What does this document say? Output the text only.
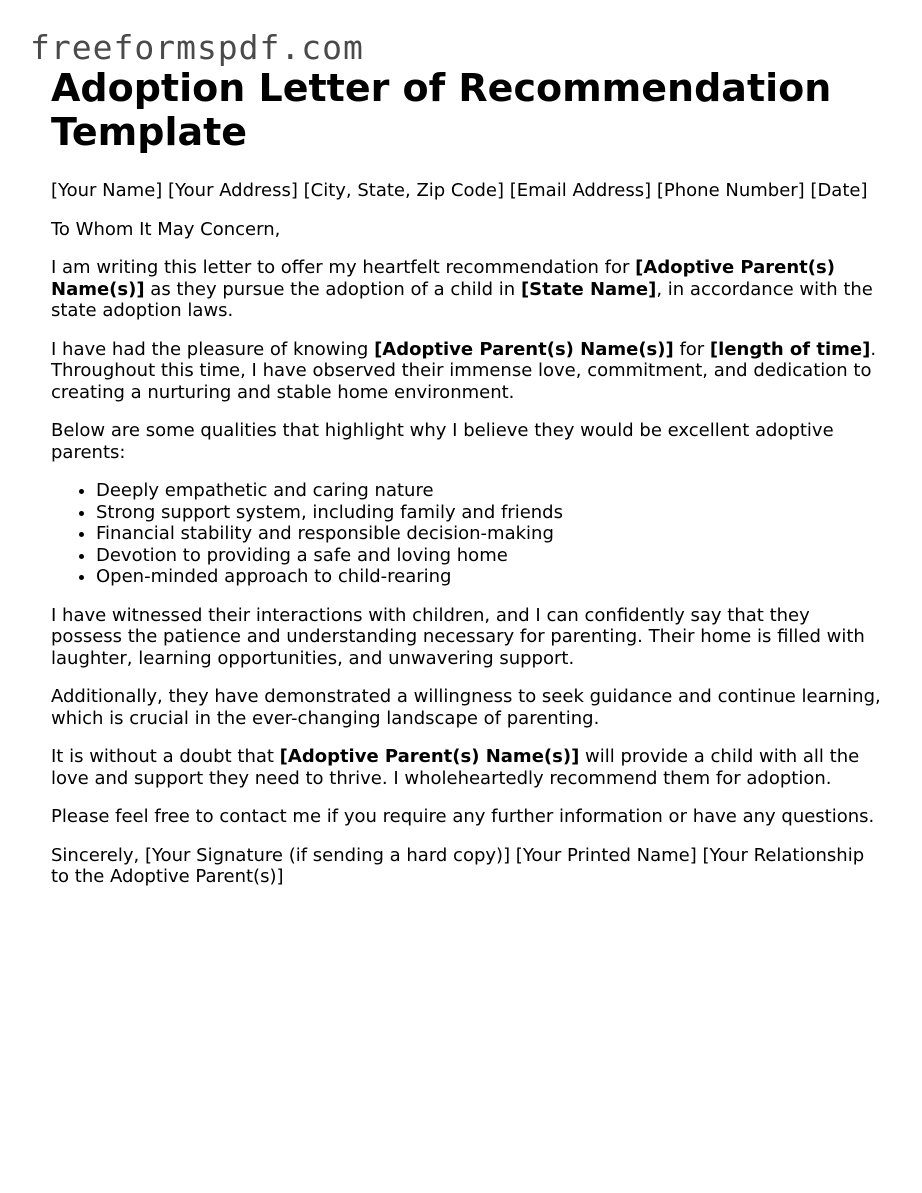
freeformspdf.com
Adoption Letter of Recommendation Template

[Your Name] [Your Address] [City, State, Zip Code] [Email Address] [Phone Number] [Date]

To Whom It May Concern,

I am writing this letter to offer my heartfelt recommendation for [Adoptive Parent(s) Name(s)] as they pursue the adoption of a child in [State Name], in accordance with the state adoption laws.

I have had the pleasure of knowing [Adoptive Parent(s) Name(s)] for [length of time]. Throughout this time, I have observed their immense love, commitment, and dedication to creating a nurturing and stable home environment.

Below are some qualities that highlight why I believe they would be excellent adoptive parents:

• Deeply empathetic and caring nature
• Strong support system, including family and friends
• Financial stability and responsible decision-making
• Devotion to providing a safe and loving home
• Open-minded approach to child-rearing

I have witnessed their interactions with children, and I can confidently say that they possess the patience and understanding necessary for parenting. Their home is filled with laughter, learning opportunities, and unwavering support.

Additionally, they have demonstrated a willingness to seek guidance and continue learning, which is crucial in the ever-changing landscape of parenting.

It is without a doubt that [Adoptive Parent(s) Name(s)] will provide a child with all the love and support they need to thrive. I wholeheartedly recommend them for adoption.

Please feel free to contact me if you require any further information or have any questions.

Sincerely, [Your Signature (if sending a hard copy)] [Your Printed Name] [Your Relationship to the Adoptive Parent(s)]
